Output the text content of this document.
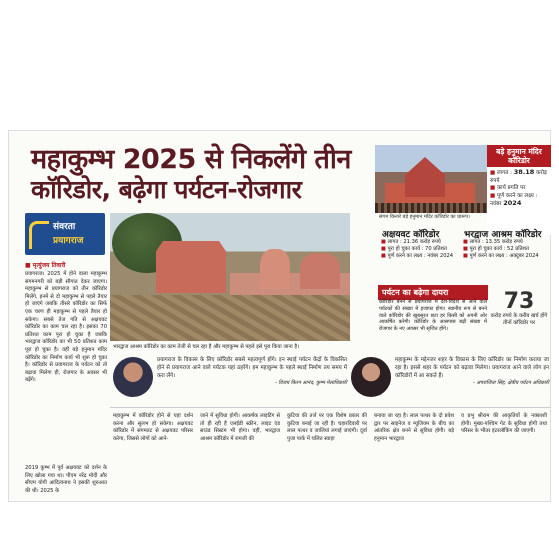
महाकुम्भ 2025 से निकलेंगे तीन
कॉरिडोर, बढ़ेगा पर्यटन-रोजगार
संगम किनारे बड़े हनुमान मंदिर कॉरिडोर का प्रारूप।
बड़े हनुमान मंदिर कॉरिडोर
■ लागत : 38.18 करोड़ रुपये
■ कार्य प्रगति पर
■ पूर्ण करने का लक्ष्य : नवंबर 2024
संवरता
प्रयागराज
■ मृत्युंजय तिवारी
प्रयागराज। 2025 में होने वाला महाकुम्भ संगमनगरी को बड़ी सौगात देकर जाएगा। महाकुम्भ से प्रयागराज को तीन कॉरिडोर मिलेंगे, इनमें से दो महाकुम्भ से पहले तैयार हो जाएंगे जबकि तीसरे कॉरिडोर का सिर्फ एक चरण ही महाकुम्भ से पहले तैयार हो सकेगा। सबसे तेज गति से अक्षयवट कॉरिडोर का काम चल रहा है। इसका 70 प्रतिशत काम पूरा हो चुका है जबकि भारद्वाज कॉरिडोर का भी 50 प्रतिशत काम पूरा हो चुका है। वहीं बड़े हनुमान मंदिर कॉरिडोर का निर्माण कार्य भी शुरू हो चुका है। कॉरिडोर से प्रयागराज के पर्यटन को तो बढ़ावा मिलेगा ही, रोजगार के अवसर भी बढ़ेंगे।
भारद्वाज आश्रम कॉरिडोर का काम तेजी से चल रहा है और महाकुम्भ से पहले इसे पूरा किया जाना है।
अक्षयवट कॉरिडोर
■ लागत : 21.36 करोड़ रुपये
■ पूरा हो चुका कार्य : 70 प्रतिशत
■ पूर्ण करने का लक्ष्य : नवंबर 2024
भरद्वाज आश्रम कॉरिडोर
■ लागत : 13.35 करोड़ रुपये
■ पूरा हो चुका कार्य : 52 प्रतिशत
■ पूर्ण करने का लक्ष्य : अक्टूबर 2024
पर्यटन का बढ़ेगा दायरा
कॉरिडोर बनने से प्रयागराज में देश-विदेश से आने वाले पर्यटकों की संख्या में इजाफा होगा। स्थानीय रूप से बनने वाले कॉरिडोर की खूबसूरत छटा हर किसी को अपनी ओर आकर्षित करेगी। कॉरिडोर के आसपास बढ़ी संख्या में रोजगार के नए अवसर भी सृजित होंगे।
73
करोड़ रुपये के करीब खर्च होंगे तीनों कॉरिडोर पर
प्रयागराज के विकास के लिए कॉरिडोर सबसे महत्वपूर्ण होंगे। इन स्थाई पर्यटन केंद्रों के विकसित होने से प्रयागराज आने वाले पर्यटक यहां ठहरेंगे। हम महाकुम्भ के पहले स्थाई निर्माण तय समय में करा लेंगे।
- विजय किरन आनंद, कुम्भ मेलाधिकारी
महाकुम्भ के मद्देनजर शहर के विकास के लिए कॉरिडोर का निर्माण कराया जा रहा है। इससे शहर के पर्यटन को बढ़ावा मिलेगा। प्रयागराज आने वाले लोग इन कॉरिडोरों में आ सकते हैं।
- अपराजिता सिंह, क्षेत्रीय पर्यटन अधिकारी
2019 कुम्भ में पूर्व अक्षयवट को दर्शन के लिए खोला गया था। पीएम नरेंद्र मोदी और सीएम योगी आदित्यनाथ ने इसकी शुरुआत की थी। 2025 के
महाकुम्भ में कॉरिडोर होने से यहां दर्शन करना और सुलभ हो सकेगा। अक्षयवट कॉरिडोर में संगमतट से अक्षयवट परिसर करेगा, जिससे लोगों को आने-
जाने में सुविधा होगी। आकर्षक लाइटिंग से तो ही रही है एलईडी स्क्रीन, लाइट एंड साउंड सिस्टम भी होगा। वहीं, भारद्वाज आश्रम कॉरिडोर में रामजी की
कुटिया की तर्ज पर एक विशेष प्रकार की कुटिया बनाई जा रही है। चहारदिवारी पर लाल पत्थर व जालियां लगाई जाएंगी। दूर्वा पुजा पार्क में चलित स्वाहा
बनाया जा रहा है। लाल पत्थर के दो प्रवेश द्वार पर साइनेज व म्यूजियम के बीच का आंतरिक क्षेत्र बनने से सुविधा होगी। बड़े हनुमान भारद्वाज
व प्रभु श्रीराम की आकृतियों के नक्काशी होगी। मुख्य-पश्चिम गेट के सुविधा होगी तथा परिसर के भीतर इंटरलॉकिंग की जाएगी।
